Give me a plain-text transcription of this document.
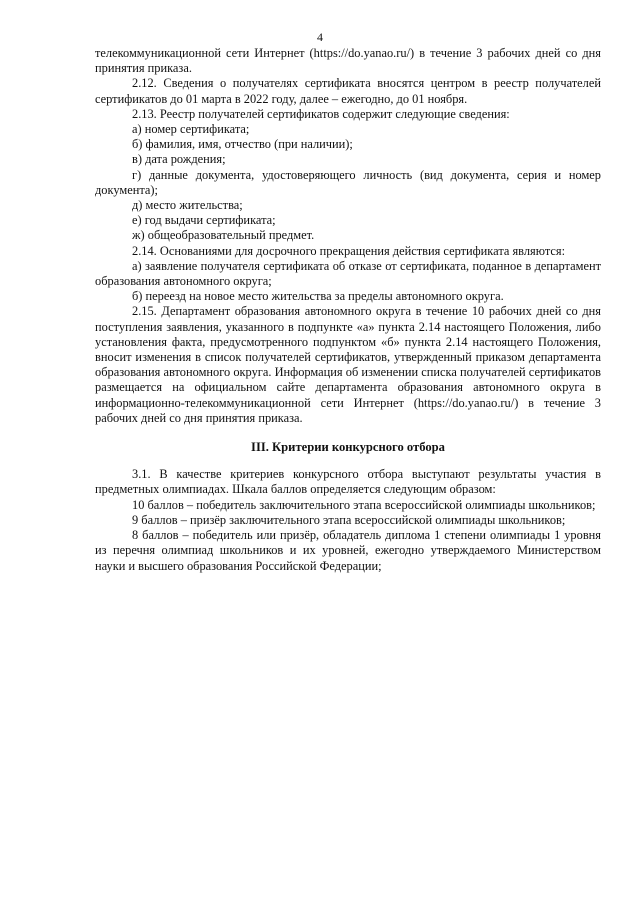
4

телекоммуникационной сети Интернет (https://do.yanao.ru/) в течение 3 рабочих дней со дня принятия приказа.

2.12. Сведения о получателях сертификата вносятся центром в реестр получателей сертификатов до 01 марта в 2022 году, далее – ежегодно, до 01 ноября.

2.13. Реестр получателей сертификатов содержит следующие сведения:

а) номер сертификата;

б) фамилия, имя, отчество (при наличии);

в) дата рождения;

г) данные документа, удостоверяющего личность (вид документа, серия и номер документа);

д) место жительства;

е) год выдачи сертификата;

ж) общеобразовательный предмет.

2.14. Основаниями для досрочного прекращения действия сертификата являются:

а) заявление получателя сертификата об отказе от сертификата, поданное в департамент образования автономного округа;

б) переезд на новое место жительства за пределы автономного округа.

2.15. Департамент образования автономного округа в течение 10 рабочих дней со дня поступления заявления, указанного в подпункте «а» пункта 2.14 настоящего Положения, либо установления факта, предусмотренного подпунктом «б» пункта 2.14 настоящего Положения, вносит изменения в список получателей сертификатов, утвержденный приказом департамента образования автономного округа. Информация об изменении списка получателей сертификатов размещается на официальном сайте департамента образования автономного округа в информационно-телекоммуникационной сети Интернет (https://do.yanao.ru/) в течение 3 рабочих дней со дня принятия приказа.

III. Критерии конкурсного отбора

3.1. В качестве критериев конкурсного отбора выступают результаты участия в предметных олимпиадах. Шкала баллов определяется следующим образом:

10 баллов – победитель заключительного этапа всероссийской олимпиады школьников;

9 баллов – призёр заключительного этапа всероссийской олимпиады школьников;

8 баллов – победитель или призёр, обладатель диплома 1 степени олимпиады 1 уровня из перечня олимпиад школьников и их уровней, ежегодно утверждаемого Министерством науки и высшего образования Российской Федерации;
